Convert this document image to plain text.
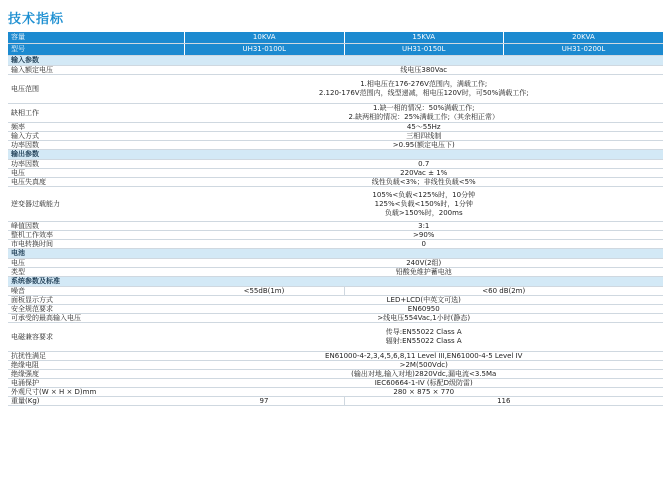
技术指标
容量	10KVA	15KVA	20KVA
型号	UH31-0100L	UH31-0150L	UH31-0200L
输入参数			
输入额定电压	线电压380Vac		
电压范围	1.相电压在176-276V范围内，满载工作;
2.120-176V范围内，线型递减，相电压120V时，可50%满载工作;		

缺相工作	1.缺一相的情况：50%满载工作;
2.缺两相的情况：25%满载工作;（其余相正常）		

频率	45～55Hz		
输入方式	三相四线制		
功率因数	>0.95(额定电压下)		
输出参数			
功率因数	0.7		
电压	220Vac ± 1%		
电压失真度	线性负载<3%；非线性负载<5%		
逆变器过载能力	105%<负载<125%时，10分钟
125%<负载<150%时，1分钟
负载>150%时，200ms		

峰值因数	3:1		
整机工作效率	>90%		
市电转换时间	0		
电池			
电压	240V(2组)		
类型	铅酸免维护蓄电池		
系统参数及标准			
噪音	<55dB(1m)	<60 dB(2m)	
面板显示方式	LED+LCD(中英文可选)		
安全规范要求	EN60950		
可承受的最高输入电压	>线电压554Vac,1小时(静态)		
电磁兼容要求	传导:EN55022 Class A
辐射:EN55022 Class A		

抗扰性满足	EN61000-4-2,3,4,5,6,8,11 Level III,EN61000-4-5 Level IV		
绝缘电阻	>2M(500Vdc)		
绝缘强度	(输出对地,输入对地)2820Vdc,漏电流<3.5Ma		
电涌保护	IEC60664-1-IV (标配D级防雷)		
外观尺寸(W × H × D)mm	280 × 875 × 770		
重量(Kg)	97	116	
